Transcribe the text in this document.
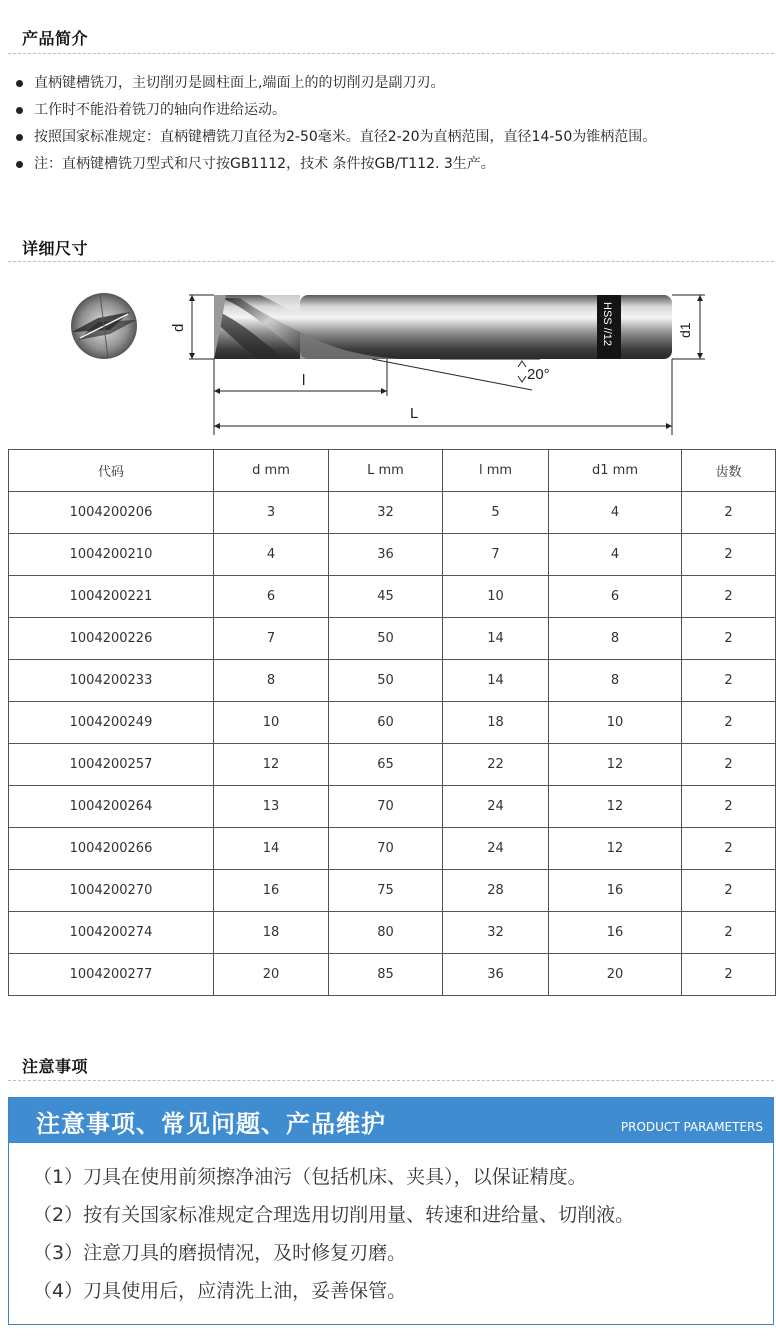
产品简介
直柄键槽铣刀，主切削刃是圆柱面上,端面上的的切削刃是副刀刃。
工作时不能沿着铣刀的轴向作进给运动。
按照国家标准规定：直柄键槽铣刀直径为2-50毫米。直径2-20为直柄范围，直径14-50为锥柄范围。
注：直柄键槽铣刀型式和尺寸按GB1112，技术 条件按GB/T112. 3生产。
详细尺寸
HSS //12
20°
d	d1
l
L
代码	d mm	L mm	l mm	d1 mm	齿数
1004200206	3	32	5	4	2
1004200210	4	36	7	4	2
1004200221	6	45	10	6	2
1004200226	7	50	14	8	2
1004200233	8	50	14	8	2
1004200249	10	60	18	10	2
1004200257	12	65	22	12	2
1004200264	13	70	24	12	2
1004200266	14	70	24	12	2
1004200270	16	75	28	16	2
1004200274	18	80	32	16	2
1004200277	20	85	36	20	2
注意事项
注意事项、常见问题、产品维护	PRODUCT PARAMETERS
（1）刀具在使用前须擦净油污（包括机床、夹具），以保证精度。
（2）按有关国家标准规定合理选用切削用量、转速和进给量、切削液。
（3）注意刀具的磨损情况，及时修复刃磨。
（4）刀具使用后，应清洗上油，妥善保管。
